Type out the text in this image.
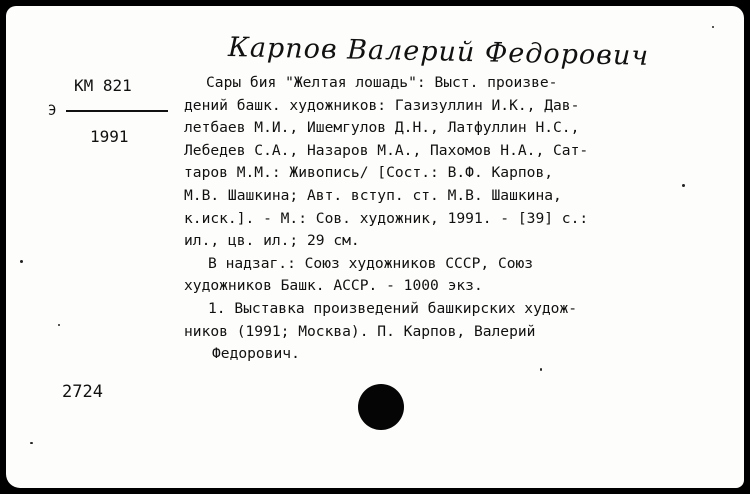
Карпов Валерий Федорович
КМ 821
Э
1991
Сары бия "Желтая лошадь": Выст. произве-
дений башк. художников: Газизуллин И.К., Дав-
летбаев М.И., Ишемгулов Д.Н., Латфуллин Н.С.,
Лебедев С.А., Назаров М.А., Пахомов Н.А., Сат-
таров М.М.: Живопись/ [Сост.: В.Ф. Карпов,
М.В. Шашкина; Авт. вступ. ст. М.В. Шашкина,
к.иск.]. - М.: Сов. художник, 1991. - [39] с.:
ил., цв. ил.; 29 см.
В надзаг.: Союз художников СССР, Союз
художников Башк. АССР. - 1000 экз.
1. Выставка произведений башкирских худож-
ников (1991; Москва). П. Карпов, Валерий
Федорович.
2724
